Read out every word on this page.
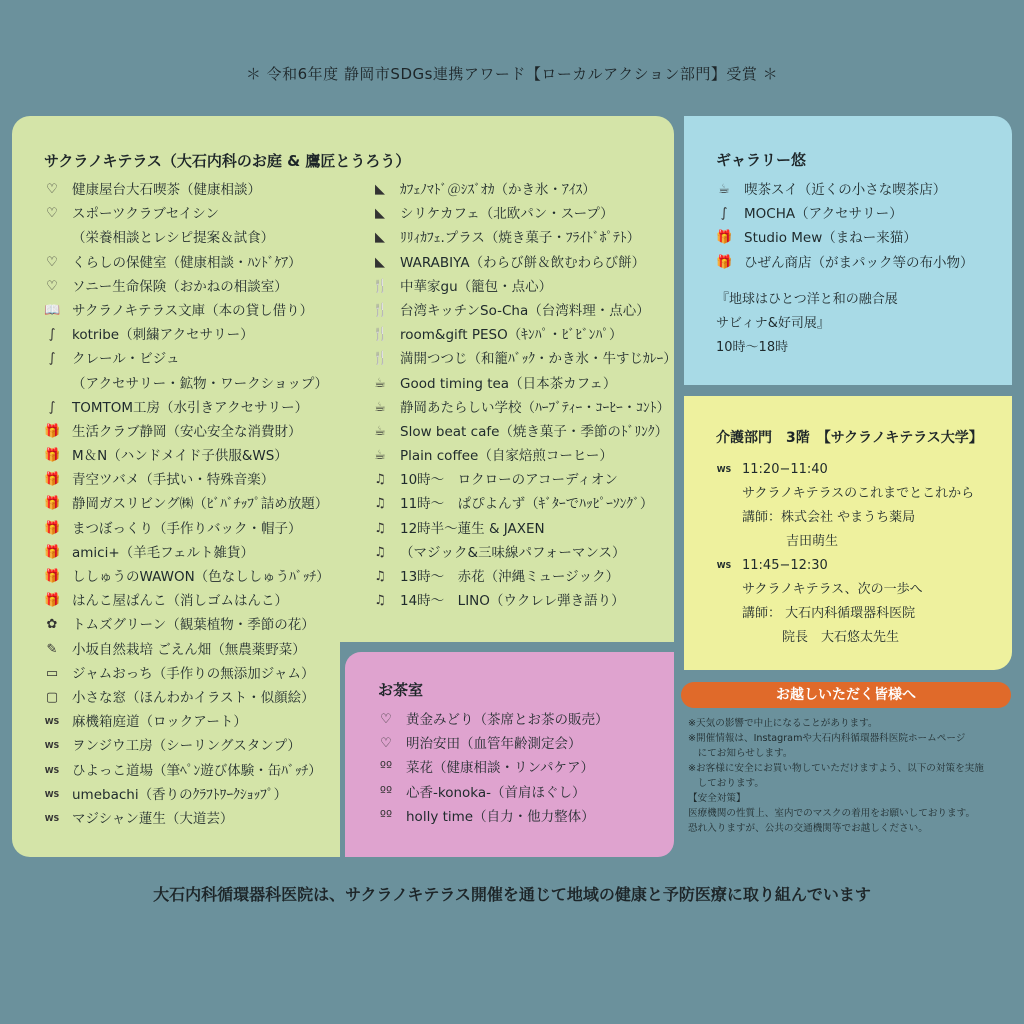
＊ 令和6年度 静岡市SDGs連携アワード【ローカルアクション部門】受賞 ＊
サクラノキテラス（大石内科のお庭 & 鷹匠とうろう）
♡ 健康屋台大石喫茶（健康相談）
♡ スポーツクラブセイシン
（栄養相談とレシピ提案＆試食）
♡ くらしの保健室（健康相談・ﾊﾝﾄﾞｹｱ）
♡ ソニー生命保険（おかねの相談室）
📖 サクラノキテラス文庫（本の貸し借り）
∫	kotribe（刺繍アクセサリー）
∫	クレール・ビジュ
（アクセサリー・鉱物・ワークショップ）
∫	TOMTOM工房（水引きアクセサリー）
🎁 生活クラブ静岡（安心安全な消費財）
🎁 M＆N（ハンドメイド子供服&WS）
🎁 青空ツバメ（手拭い・特殊音楽）
🎁 静岡ガスリビング㈱（ﾋﾞﾊﾞﾁｯﾌﾟ詰め放題）
🎁 まつぼっくり（手作りバック・帽子）
🎁 amici+（羊毛フェルト雑貨）
🎁 ししゅうのWAWON（色なししゅうﾊﾞｯﾁ）
🎁 はんこ屋ぱんこ（消しゴムはんこ）
✿ トムズグリーン（観葉植物・季節の花）
✎ 小坂自然栽培 ごえん畑（無農薬野菜）
▭ ジャムおっち（手作りの無添加ジャム）
▢ 小さな窓（ほんわかイラスト・似顔絵）
WS 麻機箱庭道（ロックアート）
WS ヲンジウ工房（シーリングスタンプ）
WS ひよっこ道場（筆ﾍﾟﾝ遊び体験・缶ﾊﾞｯﾁ）
WS umebachi（香りのｸﾗﾌﾄﾜｰｸｼｮｯﾌﾟ）
WS マジシャン蓮生（大道芸）
◣ ｶﾌｪﾉﾏﾄﾞ＠ｼｽﾞｵｶ（かき氷・ｱｲｽ）
◣ シリケカフェ（北欧パン・スープ）
◣ ﾘﾘｨｶﾌｪ.プラス（焼き菓子・ﾌﾗｲﾄﾞﾎﾟﾃﾄ）
◣ WARABIYA（わらび餅＆飲むわらび餅）
🍴 中華家gu（籠包・点心）
🍴 台湾キッチンSo-Cha（台湾料理・点心）
🍴 room&gift PESO（ｷﾝﾊﾟ・ﾋﾞﾋﾞﾝﾊﾟ）
🍴 満開つつじ（和籠ﾊﾞｯｸ・かき氷・牛すじｶﾚｰ）
☕ Good timing tea（日本茶カフェ）
☕ 静岡あたらしい学校（ﾊｰﾌﾞﾃｨｰ・ｺｰﾋｰ・ｺﾝﾄ）
☕ Slow beat cafe（焼き菓子・季節のﾄﾞﾘﾝｸ）
☕ Plain coffee（自家焙煎コーヒー）
♫ 10時〜　ロクローのアコーディオン
♫ 11時〜　ぱぴよんず（ｷﾞﾀｰでﾊｯﾋﾟｰｿﾝｸﾞ）
♫ 12時半〜蓮生 & JAXEN
♫ （マジック&三味線パフォーマンス）
♫ 13時〜　赤花（沖縄ミュージック）
♫ 14時〜　LINO（ウクレレ弾き語り）
ギャラリー悠
☕ 喫茶スイ（近くの小さな喫茶店）
∫	MOCHA（アクセサリー）
🎁 Studio Mew（まねー来猫）
🎁 ひぜん商店（がまパック等の布小物）
『地球はひとつ洋と和の融合展
サビィナ&好司展』
10時〜18時
介護部門　3階　【サクラノキテラス大学】
WS 11:20−11:40
サクラノキテラスのこれまでとこれから
講師：株式会社 やまうち薬局
吉田萌生
WS 11:45−12:30
サクラノキテラス、次の一歩へ
講師： 大石内科循環器科医院
院長　大石悠太先生
お茶室
♡ 黄金みどり（茶席とお茶の販売）
♡ 明治安田（血管年齢測定会）
ºº 菜花（健康相談・リンパケア）
ºº 心香-konoka-（首肩ほぐし）
ºº holly time（自力・他力整体）
お越しいただく皆様へ
※天気の影響で中止になることがあります。
※開催情報は、Instagramや大石内科循環器科医院ホームページ
　にてお知らせします。
※お客様に安全にお買い物していただけますよう、以下の対策を実施
　しております。
【安全対策】
医療機関の性質上、室内でのマスクの着用をお願いしております。
恐れ入りますが、公共の交通機関等でお越しください。
大石内科循環器科医院は、サクラノキテラス開催を通じて地域の健康と予防医療に取り組んでいます
